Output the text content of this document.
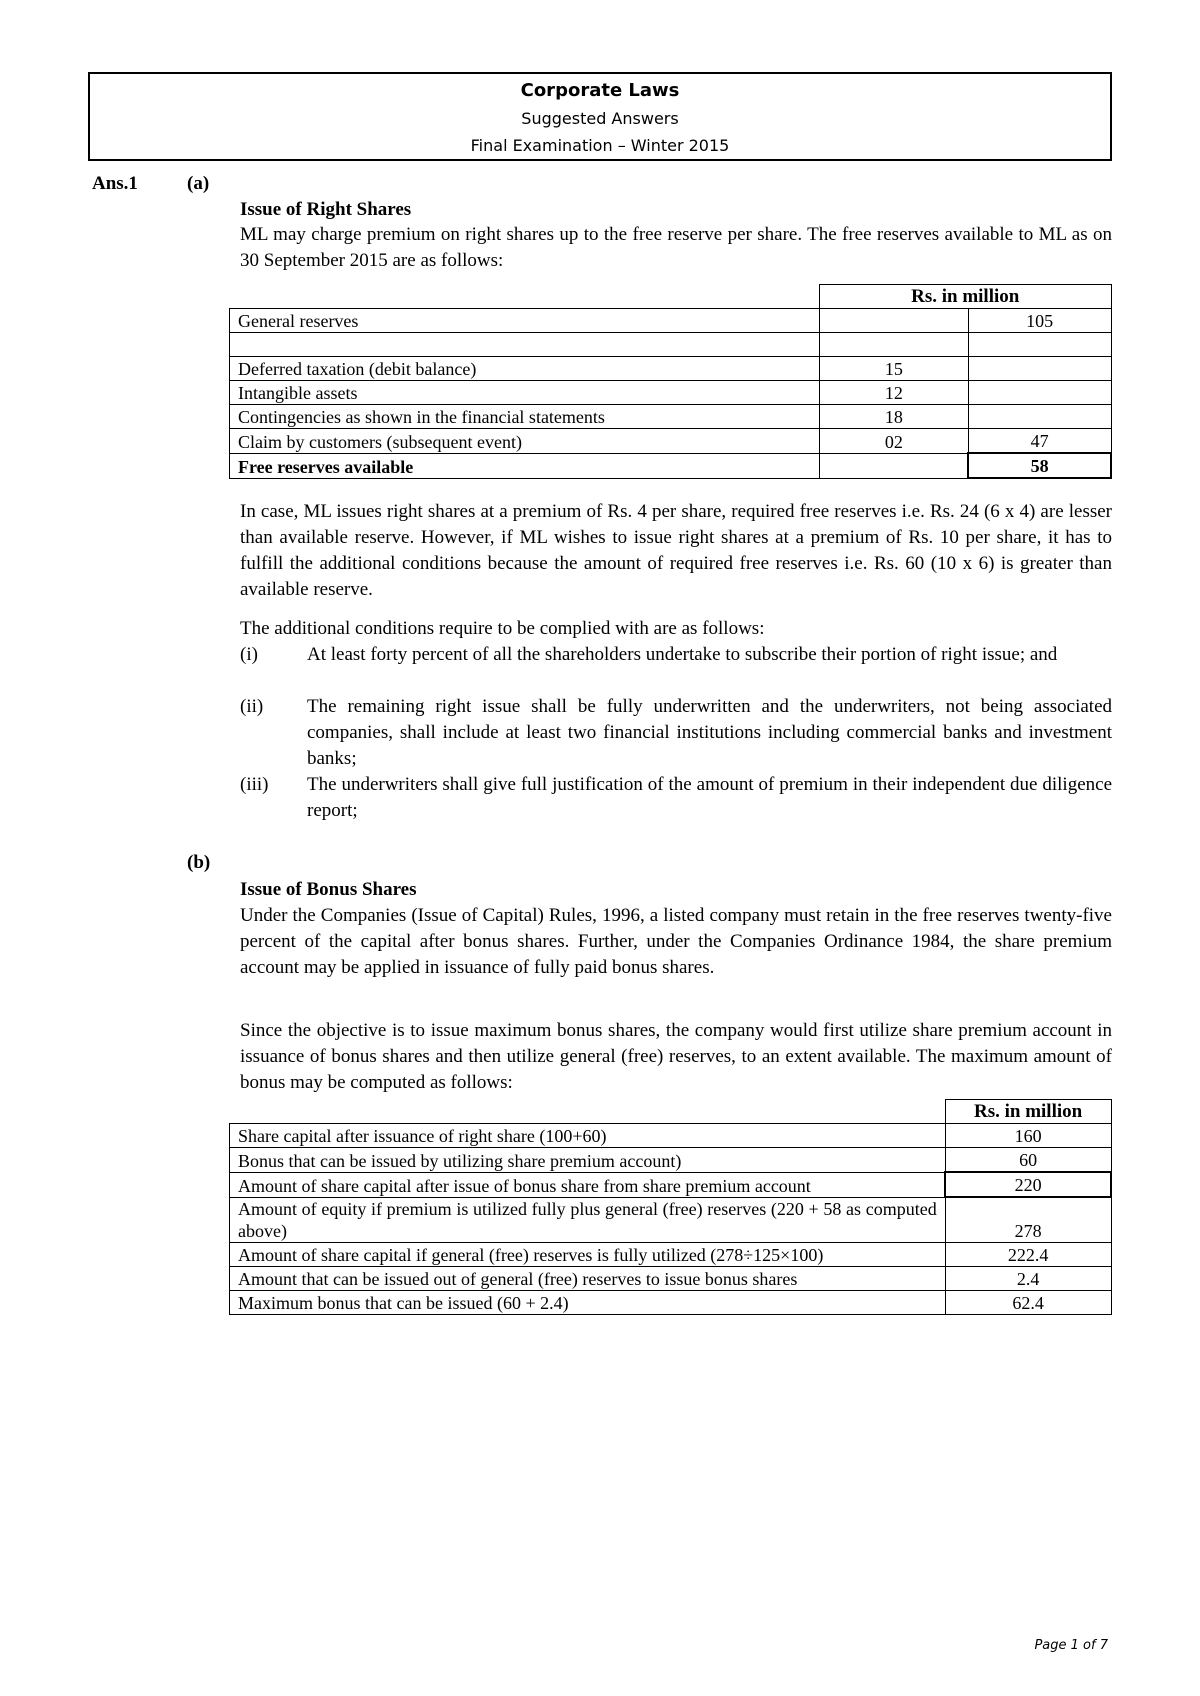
Corporate Laws
Suggested Answers
Final Examination – Winter 2015
Ans.1	(a)
Issue of Right Shares
ML may charge premium on right shares up to the free reserve per share. The free reserves available to ML as on 30 September 2015 are as follows:
	Rs. in million	
General reserves		105

Deferred taxation (debit balance)	15	
Intangible assets	12	
Contingencies as shown in the financial statements	18	
Claim by customers (subsequent event)	02	47
Free reserves available		58
In case, ML issues right shares at a premium of Rs. 4 per share, required free reserves i.e. Rs. 24 (6 x 4) are lesser than available reserve. However, if ML wishes to issue right shares at a premium of Rs. 10 per share, it has to fulfill the additional conditions because the amount of required free reserves i.e. Rs. 60 (10 x 6) is greater than available reserve.
The additional conditions require to be complied with are as follows:
(i)	At least forty percent of all the shareholders undertake to subscribe their portion of right issue; and
(ii) The remaining right issue shall be fully underwritten and the underwriters, not being associated companies, shall include at least two financial institutions including commercial banks and investment banks;
(iii) The underwriters shall give full justification of the amount of premium in their independent due diligence report;
(b)
Issue of Bonus Shares
Under the Companies (Issue of Capital) Rules, 1996, a listed company must retain in the free reserves twenty-five percent of the capital after bonus shares. Further, under the Companies Ordinance 1984, the share premium account may be applied in issuance of fully paid bonus shares.
Since the objective is to issue maximum bonus shares, the company would first utilize share premium account in issuance of bonus shares and then utilize general (free) reserves, to an extent available. The maximum amount of bonus may be computed as follows:
	Rs. in million
Share capital after issuance of right share (100+60)	160
Bonus that can be issued by utilizing share premium account)	60
Amount of share capital after issue of bonus share from share premium account	220
Amount of equity if premium is utilized fully plus general (free) reserves (220 + 58 as computed above)	278
Amount of share capital if general (free) reserves is fully utilized (278÷125×100)	222.4
Amount that can be issued out of general (free) reserves to issue bonus shares	2.4
Maximum bonus that can be issued (60 + 2.4)	62.4
Page 1 of 7
